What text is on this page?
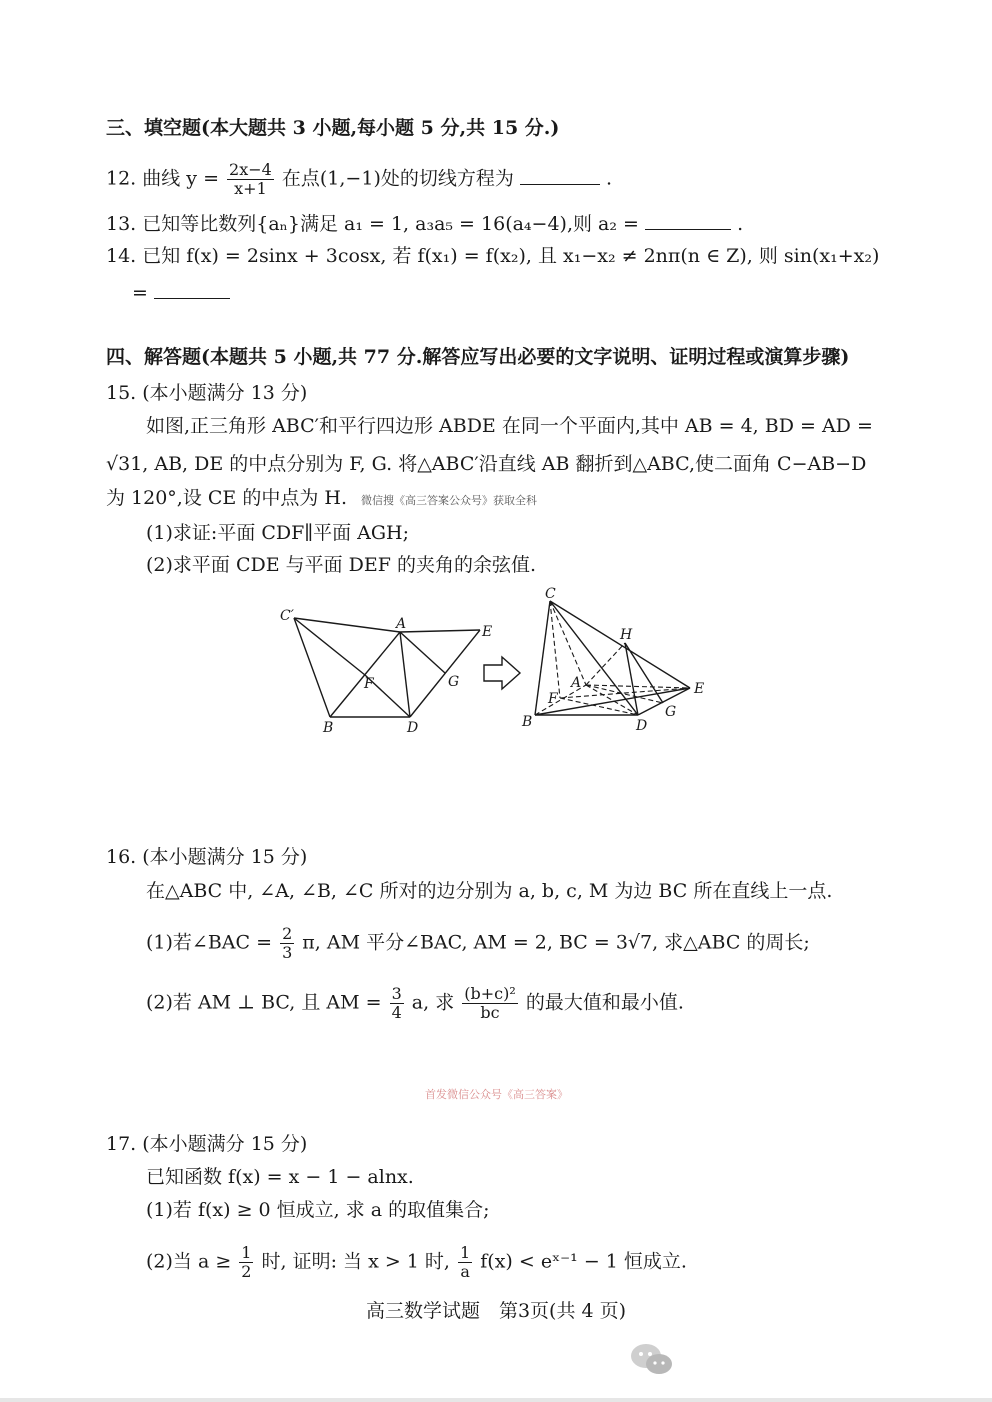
三、填空题(本大题共 3 小题,每小题 5 分,共 15 分.)
12. 曲线 $y = \frac{2x-4}{x+1}$ 在点(1,−1)处的切线方程为	.
13. 已知等比数列{aₙ}满足 a₁ = 1, a₃a₅ = 16(a₄−4),则 a₂ =	.
14. 已知 f(x) = 2sinx + 3cosx, 若 f(x₁) = f(x₂), 且 x₁−x₂ ≠ 2nπ(n ∈ Z), 则 sin(x₁+x₂)
=
四、解答题(本题共 5 小题,共 77 分.解答应写出必要的文字说明、证明过程或演算步骤)
15. (本小题满分 13 分)
如图,正三角形 ABC′和平行四边形 ABDE 在同一个平面内,其中 AB = 4, BD = AD =
√31, AB, DE 的中点分别为 F, G. 将△ABC′沿直线 AB 翻折到△ABC,使二面角 C−AB−D
为 120°,设 CE 的中点为 H. 微信搜《高三答案公众号》获取全科
(1)求证:平面 CDF∥平面 AGH;
(2)求平面 CDE 与平面 DEF 的夹角的余弦值.
C′	A	E
F	G
B	D
C
H
A
F
E
G
B	D
16. (本小题满分 15 分)
在△ABC 中, ∠A, ∠B, ∠C 所对的边分别为 a, b, c, M 为边 BC 所在直线上一点.
(1)若∠BAC = $\frac{2}{3} \pi$, AM 平分∠BAC, AM = 2, BC = 3√7, 求△ABC 的周长;
(2)若 AM ⊥ BC, 且 AM = $\frac{3}{4} a$, 求 $\frac{\text{(b+c)²}}{bc}$ 的最大值和最小值.
首发微信公众号《高三答案》
17. (本小题满分 15 分)
已知函数 f(x) = x − 1 − alnx.
(1)若 f(x) ≥ 0 恒成立, 求 a 的取值集合;
(2)当 $a \ge \frac{1}{2}$ 时, 证明: 当 x > 1 时, $\frac{1}{a} f(x)$ < eˣ⁻¹ − 1 恒成立.
高三数学试题　第3页(共 4 页)
